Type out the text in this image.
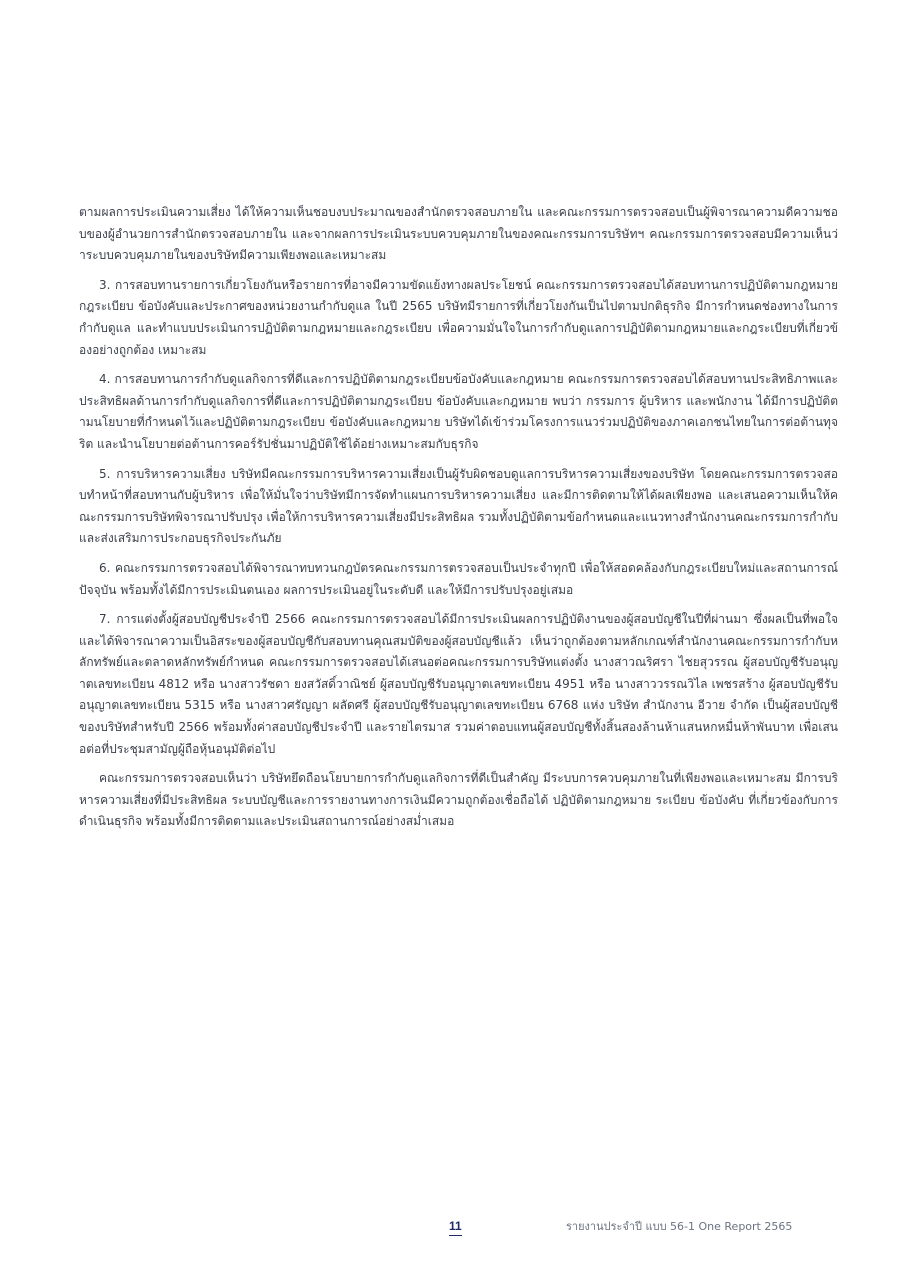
ตามผลการประเมินความเสี่ยง ได้ให้ความเห็นชอบงบประมาณของสำนักตรวจสอบภายใน และคณะกรรมการตรวจสอบเป็นผู้พิจารณาความดีความชอบของผู้อำนวยการสำนักตรวจสอบภายใน และจากผลการประเมินระบบควบคุมภายในของคณะกรรมการบริษัทฯ คณะกรรมการตรวจสอบมีความเห็นว่าระบบควบคุมภายในของบริษัทมีความเพียงพอและเหมาะสม

3. การสอบทานรายการเกี่ยวโยงกันหรือรายการที่อาจมีความขัดแย้งทางผลประโยชน์ คณะกรรมการตรวจสอบได้สอบทานการปฏิบัติตามกฎหมาย กฎระเบียบ ข้อบังคับและประกาศของหน่วยงานกำกับดูแล ในปี 2565 บริษัทมีรายการที่เกี่ยวโยงกันเป็นไปตามปกติธุรกิจ มีการกำหนดช่องทางในการกำกับดูแล และทำแบบประเมินการปฏิบัติตามกฎหมายและกฎระเบียบ เพื่อความมั่นใจในการกำกับดูแลการปฏิบัติตามกฎหมายและกฎระเบียบที่เกี่ยวข้องอย่างถูกต้อง เหมาะสม

4. การสอบทานการกำกับดูแลกิจการที่ดีและการปฏิบัติตามกฎระเบียบข้อบังคับและกฎหมาย คณะกรรมการตรวจสอบได้สอบทานประสิทธิภาพและประสิทธิผลด้านการกำกับดูแลกิจการที่ดีและการปฏิบัติตามกฎระเบียบ ข้อบังคับและกฎหมาย พบว่า กรรมการ ผู้บริหาร และพนักงาน ได้มีการปฏิบัติตามนโยบายที่กำหนดไว้และปฏิบัติตามกฎระเบียบ ข้อบังคับและกฎหมาย บริษัทได้เข้าร่วมโครงการแนวร่วมปฏิบัติของภาคเอกชนไทยในการต่อต้านทุจริต และนำนโยบายต่อต้านการคอร์รัปชั่นมาปฏิบัติใช้ได้อย่างเหมาะสมกับธุรกิจ

5. การบริหารความเสี่ยง บริษัทมีคณะกรรมการบริหารความเสี่ยงเป็นผู้รับผิดชอบดูแลการบริหารความเสี่ยงของบริษัท โดยคณะกรรมการตรวจสอบทำหน้าที่สอบทานกับผู้บริหาร เพื่อให้มั่นใจว่าบริษัทมีการจัดทำแผนการบริหารความเสี่ยง และมีการติดตามให้ได้ผลเพียงพอ และเสนอความเห็นให้คณะกรรมการบริษัทพิจารณาปรับปรุง เพื่อให้การบริหารความเสี่ยงมีประสิทธิผล รวมทั้งปฏิบัติตามข้อกำหนดและแนวทางสำนักงานคณะกรรมการกำกับและส่งเสริมการประกอบธุรกิจประกันภัย

6. คณะกรรมการตรวจสอบได้พิจารณาทบทวนกฎบัตรคณะกรรมการตรวจสอบเป็นประจำทุกปี เพื่อให้สอดคล้องกับกฎระเบียบใหม่และสถานการณ์ปัจจุบัน พร้อมทั้งได้มีการประเมินตนเอง ผลการประเมินอยู่ในระดับดี และให้มีการปรับปรุงอยู่เสมอ

7. การแต่งตั้งผู้สอบบัญชีประจำปี 2566 คณะกรรมการตรวจสอบได้มีการประเมินผลการปฏิบัติงานของผู้สอบบัญชีในปีที่ผ่านมา ซึ่งผลเป็นที่พอใจ และได้พิจารณาความเป็นอิสระของผู้สอบบัญชีกับสอบทานคุณสมบัติของผู้สอบบัญชีแล้ว เห็นว่าถูกต้องตามหลักเกณฑ์สำนักงานคณะกรรมการกำกับหลักทรัพย์และตลาดหลักทรัพย์กำหนด คณะกรรมการตรวจสอบได้เสนอต่อคณะกรรมการบริษัทแต่งตั้ง นางสาวณริศรา ไชยสุวรรณ ผู้สอบบัญชีรับอนุญาตเลขทะเบียน 4812 หรือ นางสาวรัชดา ยงสวัสดิ์วาณิชย์ ผู้สอบบัญชีรับอนุญาตเลขทะเบียน 4951 หรือ นางสาววรรณวิไล เพชรสร้าง ผู้สอบบัญชีรับอนุญาตเลขทะเบียน 5315 หรือ นางสาวศรัญญา ผลัดศรี ผู้สอบบัญชีรับอนุญาตเลขทะเบียน 6768 แห่ง บริษัท สำนักงาน อีวาย จำกัด เป็นผู้สอบบัญชีของบริษัทสำหรับปี 2566 พร้อมทั้งค่าสอบบัญชีประจำปี และรายไตรมาส รวมค่าตอบแทนผู้สอบบัญชีทั้งสิ้นสองล้านห้าแสนหกหมื่นห้าพันบาท เพื่อเสนอต่อที่ประชุมสามัญผู้ถือหุ้นอนุมัติต่อไป

คณะกรรมการตรวจสอบเห็นว่า บริษัทยึดถือนโยบายการกำกับดูแลกิจการที่ดีเป็นสำคัญ มีระบบการควบคุมภายในที่เพียงพอและเหมาะสม มีการบริหารความเสี่ยงที่มีประสิทธิผล ระบบบัญชีและการรายงานทางการเงินมีความถูกต้องเชื่อถือได้ ปฏิบัติตามกฎหมาย ระเบียบ ข้อบังคับ ที่เกี่ยวข้องกับการดำเนินธุรกิจ พร้อมทั้งมีการติดตามและประเมินสถานการณ์อย่างสม่ำเสมอ

11	รายงานประจำปี แบบ 56-1 One Report 2565
